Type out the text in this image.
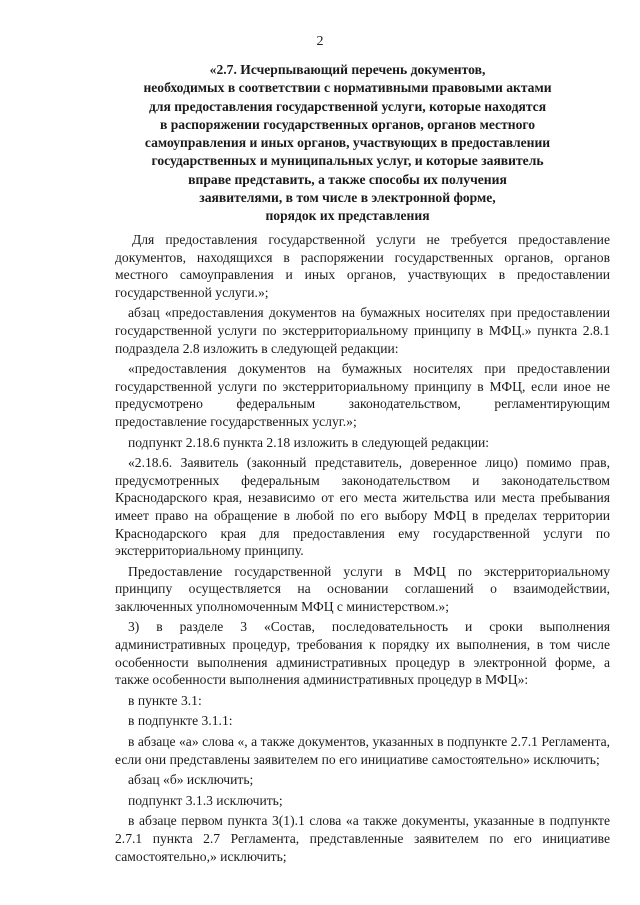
2
«2.7. Исчерпывающий перечень документов,
необходимых в соответствии с нормативными правовыми актами
для предоставления государственной услуги, которые находятся
в распоряжении государственных органов, органов местного
самоуправления и иных органов, участвующих в предоставлении
государственных и муниципальных услуг, и которые заявитель
вправе представить, а также способы их получения
заявителями, в том числе в электронной форме,
порядок их представления

Для предоставления государственной услуги не требуется предоставление документов, находящихся в распоряжении государственных органов, органов местного самоуправления и иных органов, участвующих в предоставлении государственной услуги.»;

абзац «предоставления документов на бумажных носителях при предоставлении государственной услуги по экстерриториальному принципу в МФЦ.» пункта 2.8.1 подраздела 2.8 изложить в следующей редакции:

«предоставления документов на бумажных носителях при предоставлении государственной услуги по экстерриториальному принципу в МФЦ, если иное не предусмотрено федеральным законодательством, регламентирующим предоставление государственных услуг.»;

подпункт 2.18.6 пункта 2.18 изложить в следующей редакции:

«2.18.6. Заявитель (законный представитель, доверенное лицо) помимо прав, предусмотренных федеральным законодательством и законодательством Краснодарского края, независимо от его места жительства или места пребывания имеет право на обращение в любой по его выбору МФЦ в пределах территории Краснодарского края для предоставления ему государственной услуги по экстерриториальному принципу.

Предоставление государственной услуги в МФЦ по экстерриториальному принципу осуществляется на основании соглашений о взаимодействии, заключенных уполномоченным МФЦ с министерством.»;

3) в разделе 3 «Состав, последовательность и сроки выполнения административных процедур, требования к порядку их выполнения, в том числе особенности выполнения административных процедур в электронной форме, а также особенности выполнения административных процедур в МФЦ»:

в пункте 3.1:

в подпункте 3.1.1:

в абзаце «а» слова «, а также документов, указанных в подпункте 2.7.1 Регламента, если они представлены заявителем по его инициативе самостоятельно» исключить;

абзац «б» исключить;

подпункт 3.1.3 исключить;

в абзаце первом пункта 3(1).1 слова «а также документы, указанные в подпункте 2.7.1 пункта 2.7 Регламента, представленные заявителем по его инициативе самостоятельно,» исключить;
